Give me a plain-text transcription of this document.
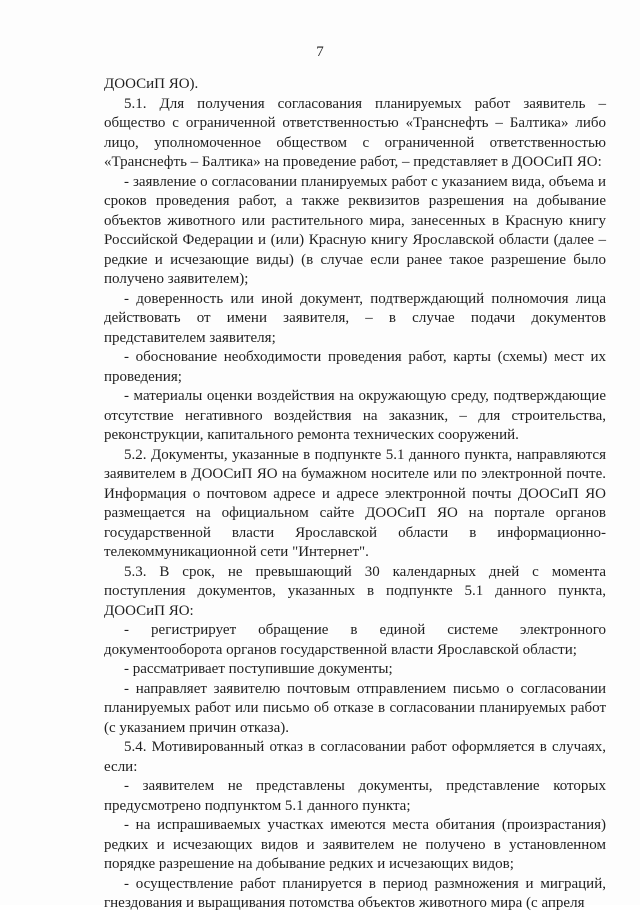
7

ДООСиП ЯО).

5.1. Для получения согласования планируемых работ заявитель – общество с ограниченной ответственностью «Транснефть – Балтика» либо лицо, уполномоченное обществом с ограниченной ответственностью «Транснефть – Балтика» на проведение работ, – представляет в ДООСиП ЯО:

- заявление о согласовании планируемых работ с указанием вида, объема и сроков проведения работ, а также реквизитов разрешения на добывание объектов животного или растительного мира, занесенных в Красную книгу Российской Федерации и (или) Красную книгу Ярославской области (далее – редкие и исчезающие виды) (в случае если ранее такое разрешение было получено заявителем);

- доверенность или иной документ, подтверждающий полномочия лица действовать от имени заявителя, – в случае подачи документов представителем заявителя;

- обоснование необходимости проведения работ, карты (схемы) мест их проведения;

- материалы оценки воздействия на окружающую среду, подтверждающие отсутствие негативного воздействия на заказник, – для строительства, реконструкции, капитального ремонта технических сооружений.

5.2. Документы, указанные в подпункте 5.1 данного пункта, направляются заявителем в ДООСиП ЯО на бумажном носителе или по электронной почте. Информация о почтовом адресе и адресе электронной почты ДООСиП ЯО размещается на официальном сайте ДООСиП ЯО на портале органов государственной власти Ярославской области в информационно-телекоммуникационной сети "Интернет".

5.3. В срок, не превышающий 30 календарных дней с момента поступления документов, указанных в подпункте 5.1 данного пункта, ДООСиП ЯО:

- регистрирует обращение в единой системе электронного документооборота органов государственной власти Ярославской области;

- рассматривает поступившие документы;

- направляет заявителю почтовым отправлением письмо о согласовании планируемых работ или письмо об отказе в согласовании планируемых работ (с указанием причин отказа).

5.4. Мотивированный отказ в согласовании работ оформляется в случаях, если:

- заявителем не представлены документы, представление которых предусмотрено подпунктом 5.1 данного пункта;

- на испрашиваемых участках имеются места обитания (произрастания) редких и исчезающих видов и заявителем не получено в установленном порядке разрешение на добывание редких и исчезающих видов;

- осуществление работ планируется в период размножения и миграций, гнездования и выращивания потомства объектов животного мира (с апреля
